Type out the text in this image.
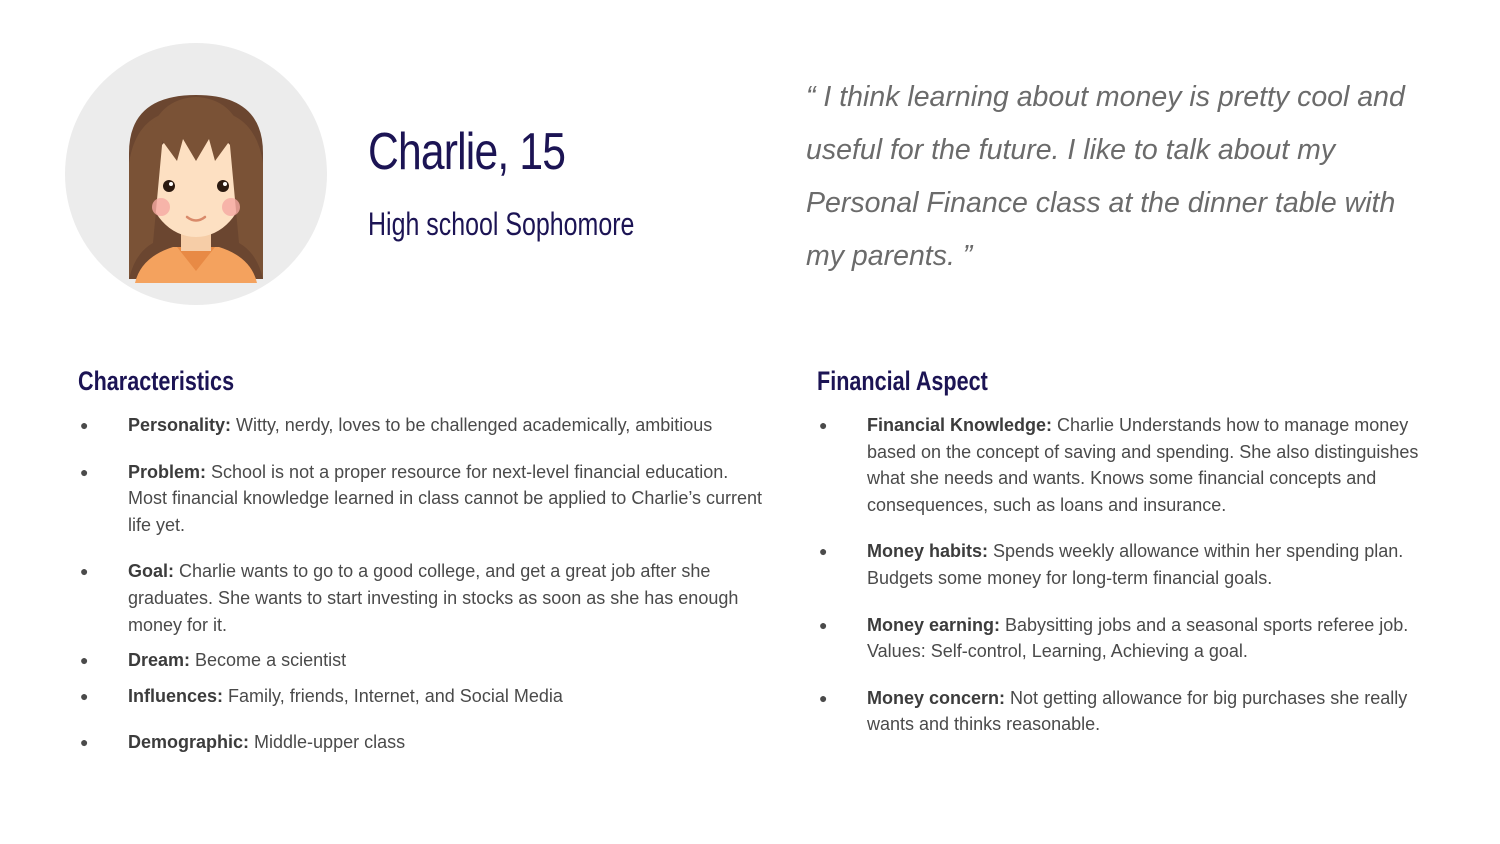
Charlie, 15
High school Sophomore

“ I think learning about money is pretty cool and useful for the future. I like to talk about my Personal Finance class at the dinner table with my parents. ”

Characteristics
● Personality: Witty, nerdy, loves to be challenged academically, ambitious
● Problem: School is not a proper resource for next-level financial education. Most financial knowledge learned in class cannot be applied to Charlie’s current life yet.
● Goal: Charlie wants to go to a good college, and get a great job after she graduates. She wants to start investing in stocks as soon as she has enough money for it.
● Dream: Become a scientist
● Influences: Family, friends, Internet, and Social Media
● Demographic: Middle-upper class
Financial Aspect
● Financial Knowledge: Charlie Understands how to manage money based on the concept of saving and spending. She also distinguishes what she needs and wants. Knows some financial concepts and consequences, such as loans and insurance.
● Money habits: Spends weekly allowance within her spending plan. Budgets some money for long-term financial goals.
● Money earning: Babysitting jobs and a seasonal sports referee job. Values: Self-control, Learning, Achieving a goal.
● Money concern: Not getting allowance for big purchases she really wants and thinks reasonable.
